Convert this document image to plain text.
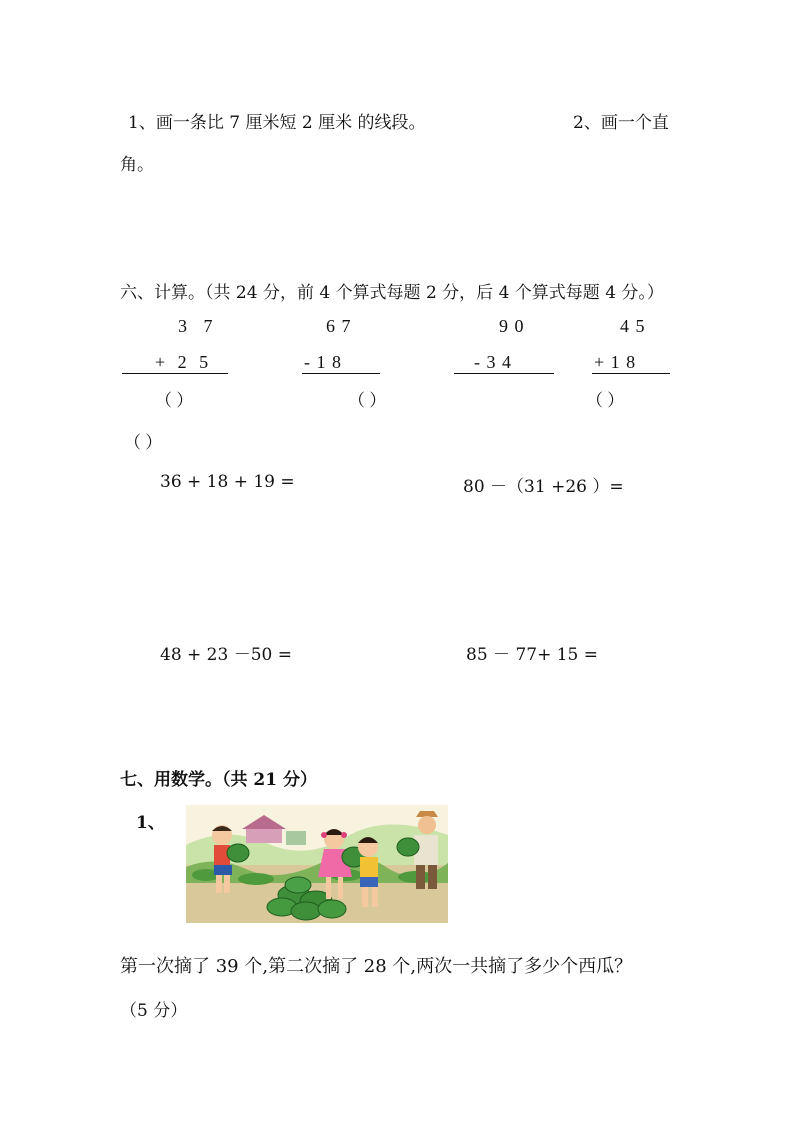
1、画一条比 7 厘米短 2 厘米 的线段。	2、画一个直
角。
六、计算。（共 24 分，前 4 个算式每题 2 分，后 4 个算式每题 4 分。）
3 7
+ 2 5
（ ）
6 7
- 1 8
（ ）
9 0
- 3 4
4 5
+ 1 8
（ ）
（ ）
36 + 18 + 19 =	80 －（31 +26 ）=
48 + 23 －50 =	85 － 77+ 15 =
七、用数学。（共 21 分）
1、
第一次摘了 39 个,第二次摘了 28 个,两次一共摘了多少个西瓜？
（5 分）
